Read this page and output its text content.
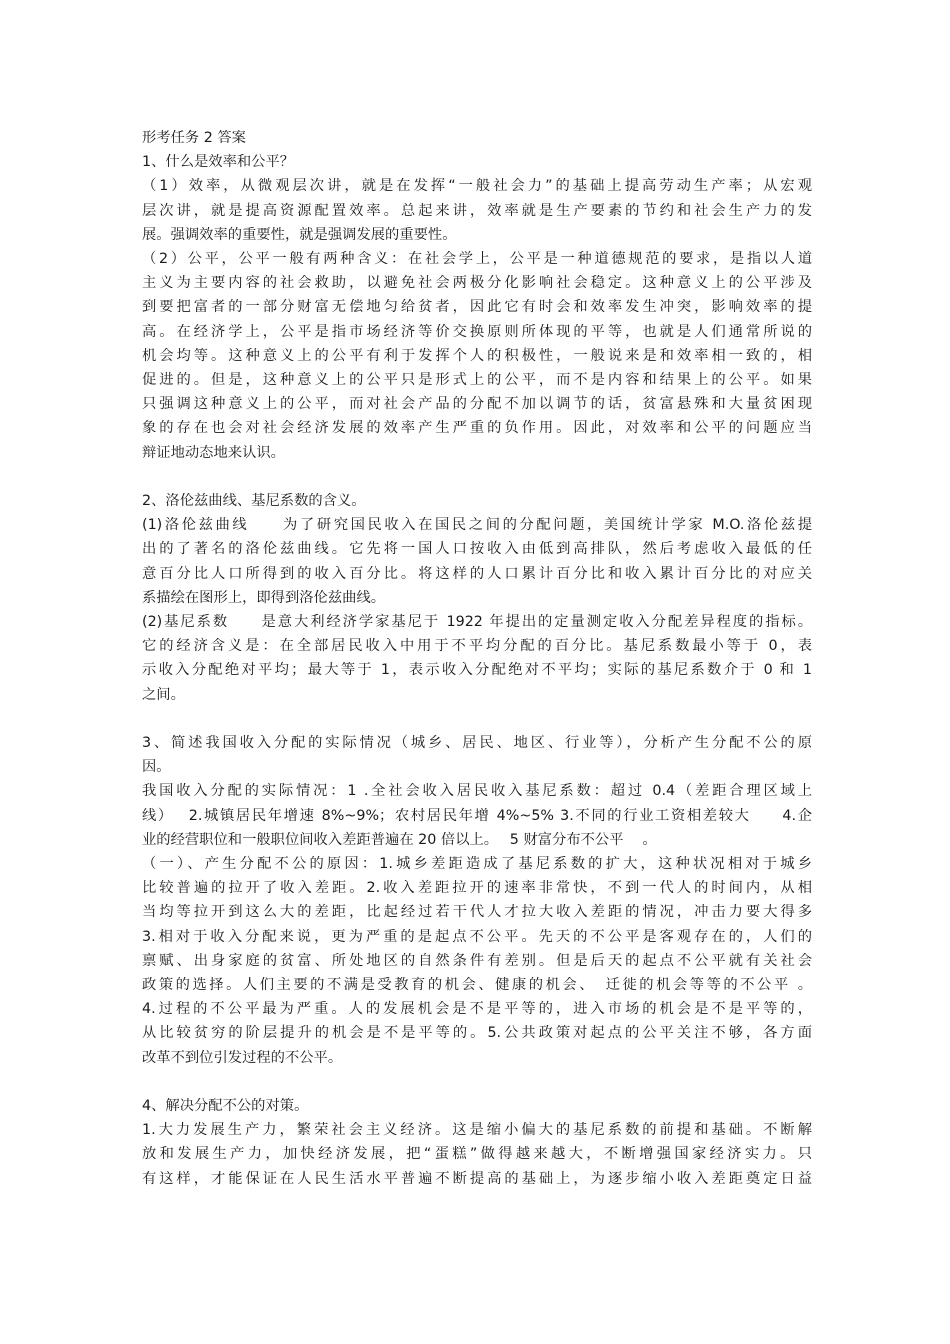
形考任务 2 答案
1、什么是效率和公平？
（1）效率，从微观层次讲，就是在发挥“一般社会力”的基础上提高劳动生产率；从宏观
层次讲，就是提高资源配置效率。总起来讲，效率就是生产要素的节约和社会生产力的发
展。强调效率的重要性，就是强调发展的重要性。
（2）公平，公平一般有两种含义：在社会学上，公平是一种道德规范的要求，是指以人道
主义为主要内容的社会救助，以避免社会两极分化影响社会稳定。这种意义上的公平涉及
到要把富者的一部分财富无偿地匀给贫者，因此它有时会和效率发生冲突，影响效率的提
高。在经济学上，公平是指市场经济等价交换原则所体现的平等，也就是人们通常所说的
机会均等。这种意义上的公平有利于发挥个人的积极性，一般说来是和效率相一致的，相
促进的。但是，这种意义上的公平只是形式上的公平，而不是内容和结果上的公平。如果
只强调这种意义上的公平，而对社会产品的分配不加以调节的话，贫富悬殊和大量贫困现
象的存在也会对社会经济发展的效率产生严重的负作用。因此，对效率和公平的问题应当
辩证地动态地来认识。
2、洛伦兹曲线、基尼系数的含义。
(1)洛伦兹曲线　　为了研究国民收入在国民之间的分配问题，美国统计学家 M.O.洛伦兹提
出的了著名的洛伦兹曲线。它先将一国人口按收入由低到高排队，然后考虑收入最低的任
意百分比人口所得到的收入百分比。将这样的人口累计百分比和收入累计百分比的对应关
系描绘在图形上，即得到洛伦兹曲线。
(2)基尼系数　　是意大利经济学家基尼于 1922 年提出的定量测定收入分配差异程度的指标。
它的经济含义是：在全部居民收入中用于不平均分配的百分比。基尼系数最小等于 0，表
示收入分配绝对平均；最大等于 1，表示收入分配绝对不平均；实际的基尼系数介于 0 和 1
之间。
3、简述我国收入分配的实际情况（城乡、居民、地区、行业等），分析产生分配不公的原
因。
我国收入分配的实际情况：1 .全社会收入居民收入基尼系数：超过 0.4（差距合理区域上
线）　 2.城镇居民年增速 8%~9%；农村居民年增 4%~5% 3.不同的行业工资相差较大　　4.企
业的经营职位和一般职位间收入差距普遍在 20 倍以上。　 5 财富分布不公平　 。
（一）、产生分配不公的原因：1.城乡差距造成了基尼系数的扩大，这种状况相对于城乡
比较普遍的拉开了收入差距。2.收入差距拉开的速率非常快，不到一代人的时间内，从相
当均等拉开到这么大的差距，比起经过若干代人才拉大收入差距的情况，冲击力要大得多
3.相对于收入分配来说，更为严重的是起点不公平。先天的不公平是客观存在的，人们的
禀赋、出身家庭的贫富、所处地区的自然条件有差别。但是后天的起点不公平就有关社会
政策的选择。人们主要的不满是受教育的机会、健康的机会、　迁徙的机会等等的不公平 。
4.过程的不公平最为严重。人的发展机会是不是平等的，进入市场的机会是不是平等的，
从比较贫穷的阶层提升的机会是不是平等的。5.公共政策对起点的公平关注不够，各方面
改革不到位引发过程的不公平。
4、解决分配不公的对策。
1.大力发展生产力，繁荣社会主义经济。这是缩小偏大的基尼系数的前提和基础。不断解
放和发展生产力，加快经济发展，把“蛋糕”做得越来越大，不断增强国家经济实力。只
有这样，才能保证在人民生活水平普遍不断提高的基础上，为逐步缩小收入差距奠定日益
